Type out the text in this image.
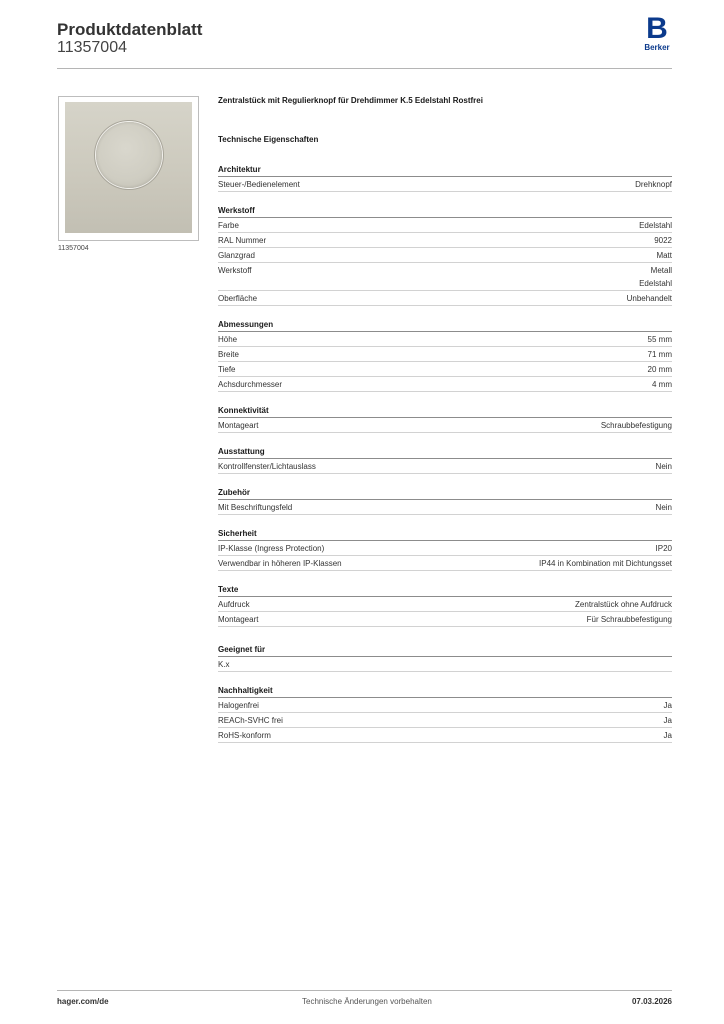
Produktdatenblatt
11357004
B
Berker
11357004
Zentralstück mit Regulierknopf für Drehdimmer K.5 Edelstahl Rostfrei
Technische Eigenschaften
Architektur
Steuer-/Bedienelement	Drehknopf
Werkstoff
Farbe	Edelstahl
RAL Nummer	9022
Glanzgrad	Matt
Werkstoff	Metall
Edelstahl
Oberfläche	Unbehandelt
Abmessungen
Höhe	55 mm
Breite	71 mm
Tiefe	20 mm
Achsdurchmesser	4 mm
Konnektivität
Montageart	Schraubbefestigung
Ausstattung
Kontrollfenster/Lichtauslass	Nein
Zubehör
Mit Beschriftungsfeld	Nein
Sicherheit
IP-Klasse (Ingress Protection)	IP20
Verwendbar in höheren IP-Klassen	IP44 in Kombination mit Dichtungsset
Texte
Aufdruck	Zentralstück ohne Aufdruck
Montageart	Für Schraubbefestigung
Geeignet für
K.x
Nachhaltigkeit
Halogenfrei	Ja
REACh-SVHC frei	Ja
RoHS-konform	Ja
hager.com/de	Technische Änderungen vorbehalten	07.03.2026
